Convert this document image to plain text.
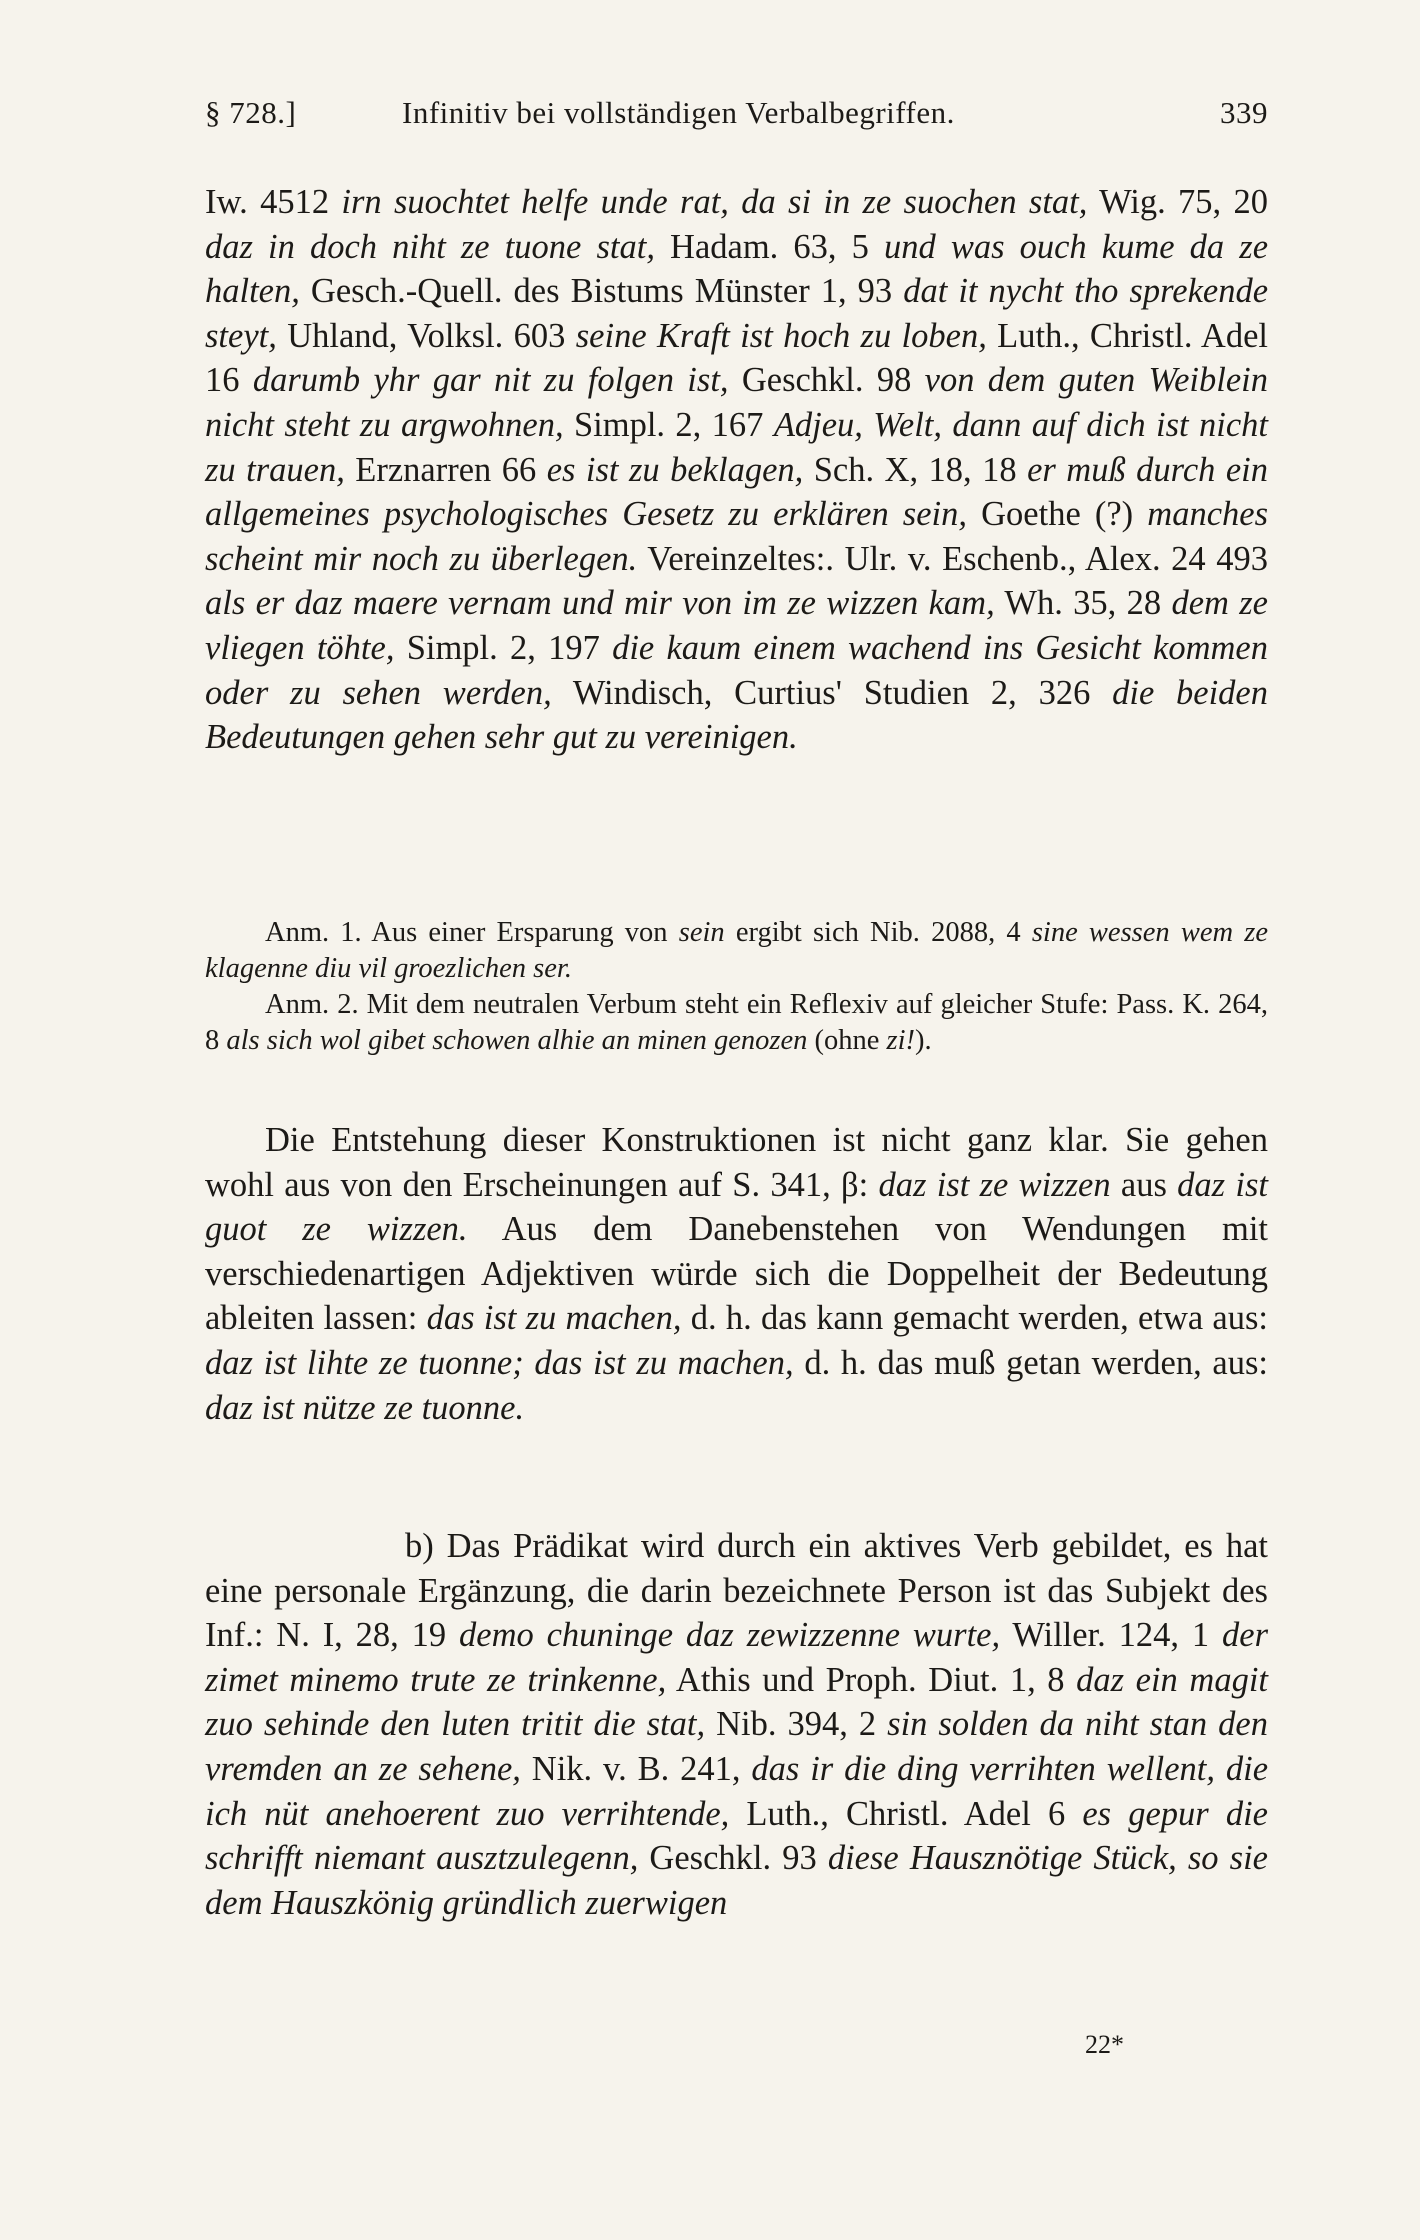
§ 728.]	Infinitiv bei vollständigen Verbalbegriffen.	339

Iw. 4512 irn suochtet helfe unde rat, da si in ze suochen stat, Wig. 75, 20 daz in doch niht ze tuone stat, Hadam. 63, 5 und was ouch kume da ze halten, Gesch.-Quell. des Bistums Münster 1, 93 dat it nycht tho sprekende steyt, Uhland, Volksl. 603 seine Kraft ist hoch zu loben, Luth., Christl. Adel 16 darumb yhr gar nit zu folgen ist, Geschkl. 98 von dem guten Weiblein nicht steht zu argwohnen, Simpl. 2, 167 Adjeu, Welt, dann auf dich ist nicht zu trauen, Erznarren 66 es ist zu beklagen, Sch. X, 18, 18 er muß durch ein allgemeines psychologisches Gesetz zu erklären sein, Goethe (?) manches scheint mir noch zu überlegen. Vereinzeltes:. Ulr. v. Eschenb., Alex. 24 493 als er daz maere vernam und mir von im ze wizzen kam, Wh. 35, 28 dem ze vliegen töhte, Simpl. 2, 197 die kaum einem wachend ins Gesicht kommen oder zu sehen werden, Windisch, Curtius' Studien 2, 326 die beiden Bedeutungen gehen sehr gut zu vereinigen.

Anm. 1. Aus einer Ersparung von sein ergibt sich Nib. 2088, 4 sine wessen wem ze klagenne diu vil groezlichen ser.

Anm. 2. Mit dem neutralen Verbum steht ein Reflexiv auf gleicher Stufe: Pass. K. 264, 8 als sich wol gibet schowen alhie an minen genozen (ohne zi!).

Die Entstehung dieser Konstruktionen ist nicht ganz klar. Sie gehen wohl aus von den Erscheinungen auf S. 341, β: daz ist ze wizzen aus daz ist guot ze wizzen. Aus dem Danebenstehen von Wendungen mit verschiedenartigen Adjektiven würde sich die Doppelheit der Bedeutung ableiten lassen: das ist zu machen, d. h. das kann gemacht werden, etwa aus: daz ist lihte ze tuonne; das ist zu machen, d. h. das muß getan werden, aus: daz ist nütze ze tuonne.

b) Das Prädikat wird durch ein aktives Verb gebildet, es hat eine personale Ergänzung, die darin bezeichnete Person ist das Subjekt des Inf.: N. I, 28, 19 demo chuninge daz zewizzenne wurte, Willer. 124, 1 der zimet minemo trute ze trinkenne, Athis und Proph. Diut. 1, 8 daz ein magit zuo sehinde den luten tritit die stat, Nib. 394, 2 sin solden da niht stan den vremden an ze sehene, Nik. v. B. 241, das ir die ding verrihten wellent, die ich nüt anehoerent zuo verrihtende, Luth., Christl. Adel 6 es gepur die schrifft niemant ausztzulegenn, Geschkl. 93 diese Hausznötige Stück, so sie dem Hauszkönig gründlich zuerwigen

22*
